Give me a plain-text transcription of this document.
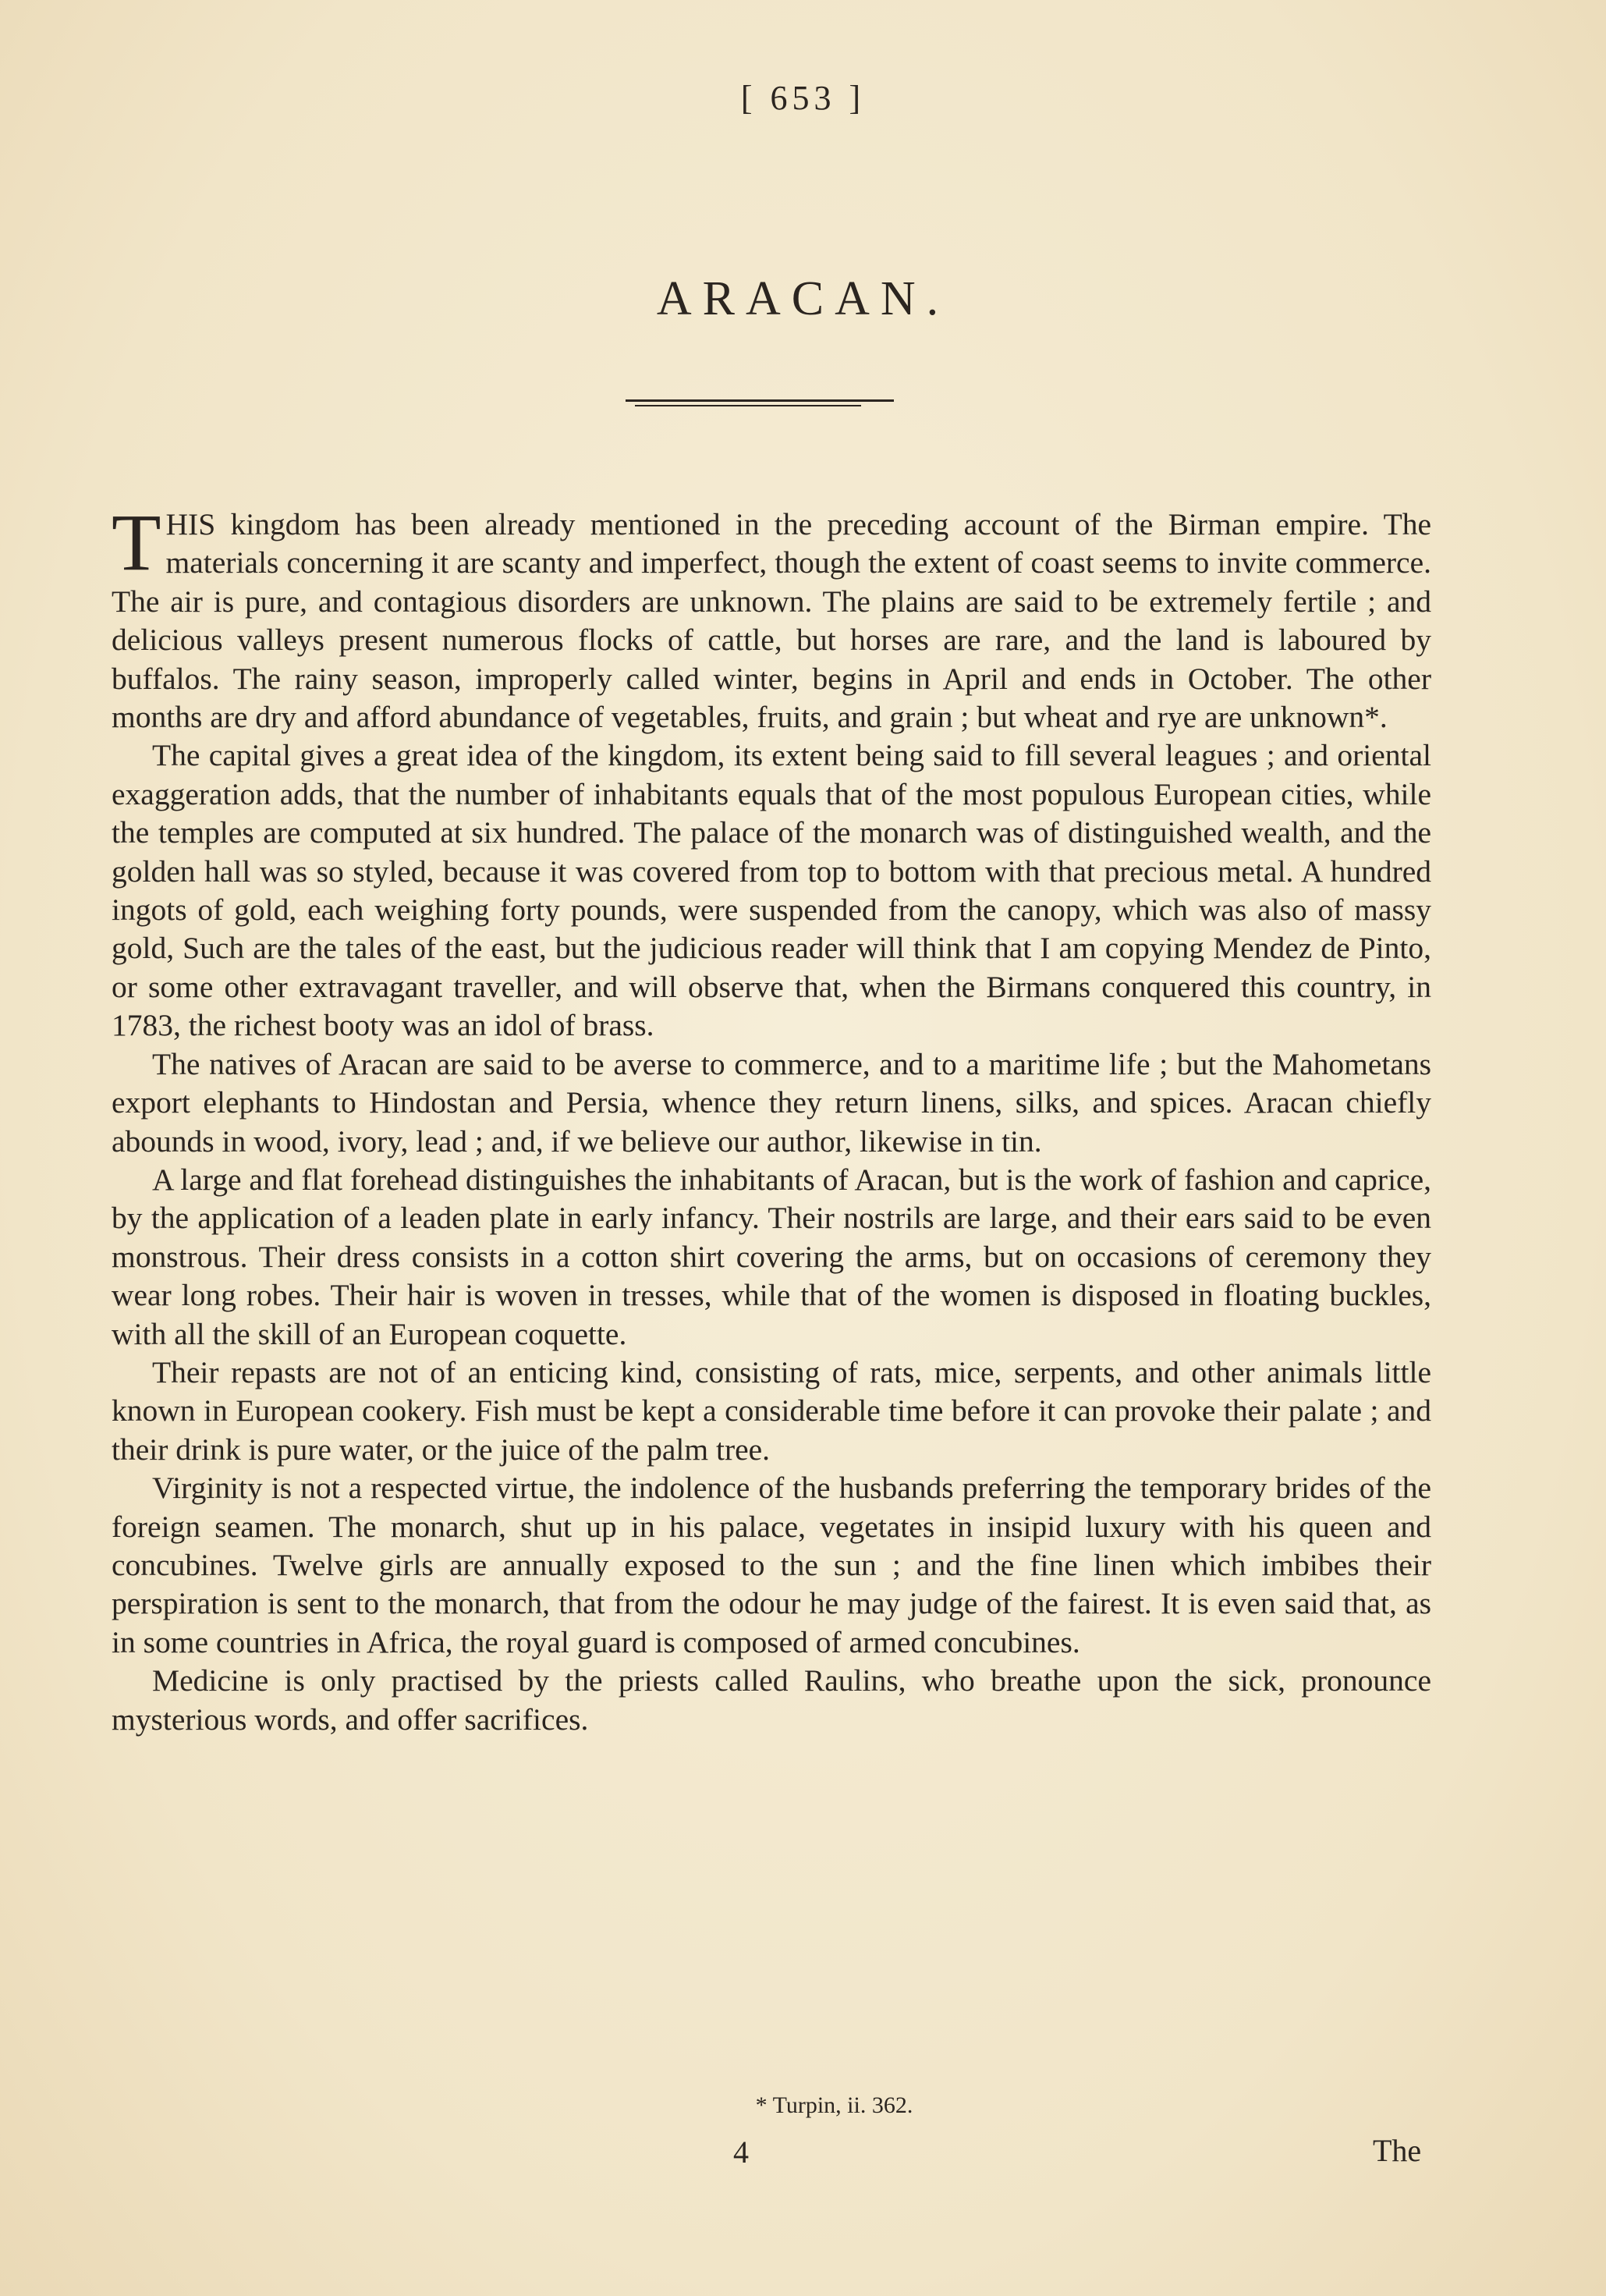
[ 653 ]
ARACAN.

THIS kingdom has been already mentioned in the preceding account of the Birman empire. The materials concerning it are scanty and imperfect, though the extent of coast seems to invite commerce. The air is pure, and contagious disorders are unknown. The plains are said to be extremely fertile ; and delicious valleys present numerous flocks of cattle, but horses are rare, and the land is laboured by buffalos. The rainy season, improperly called winter, begins in April and ends in October. The other months are dry and afford abundance of vegetables, fruits, and grain ; but wheat and rye are unknown*.

The capital gives a great idea of the kingdom, its extent being said to fill several leagues ; and oriental exaggeration adds, that the number of inhabitants equals that of the most populous European cities, while the temples are computed at six hundred. The palace of the monarch was of distinguished wealth, and the golden hall was so styled, because it was covered from top to bottom with that precious metal. A hundred ingots of gold, each weighing forty pounds, were suspended from the canopy, which was also of massy gold, Such are the tales of the east, but the judicious reader will think that I am copying Mendez de Pinto, or some other extravagant traveller, and will observe that, when the Birmans conquered this country, in 1783, the richest booty was an idol of brass.

The natives of Aracan are said to be averse to commerce, and to a maritime life ; but the Mahometans export elephants to Hindostan and Persia, whence they return linens, silks, and spices. Aracan chiefly abounds in wood, ivory, lead ; and, if we believe our author, likewise in tin.

A large and flat forehead distinguishes the inhabitants of Aracan, but is the work of fashion and caprice, by the application of a leaden plate in early infancy. Their nostrils are large, and their ears said to be even monstrous. Their dress consists in a cotton shirt covering the arms, but on occasions of ceremony they wear long robes. Their hair is woven in tresses, while that of the women is disposed in floating buckles, with all the skill of an European coquette.

Their repasts are not of an enticing kind, consisting of rats, mice, serpents, and other animals little known in European cookery. Fish must be kept a considerable time before it can provoke their palate ; and their drink is pure water, or the juice of the palm tree.

Virginity is not a respected virtue, the indolence of the husbands preferring the temporary brides of the foreign seamen. The monarch, shut up in his palace, vegetates in insipid luxury with his queen and concubines. Twelve girls are annually exposed to the sun ; and the fine linen which imbibes their perspiration is sent to the monarch, that from the odour he may judge of the fairest. It is even said that, as in some countries in Africa, the royal guard is composed of armed concubines.

Medicine is only practised by the priests called Raulins, who breathe upon the sick, pronounce mysterious words, and offer sacrifices.

* Turpin, ii. 362.
4	The
